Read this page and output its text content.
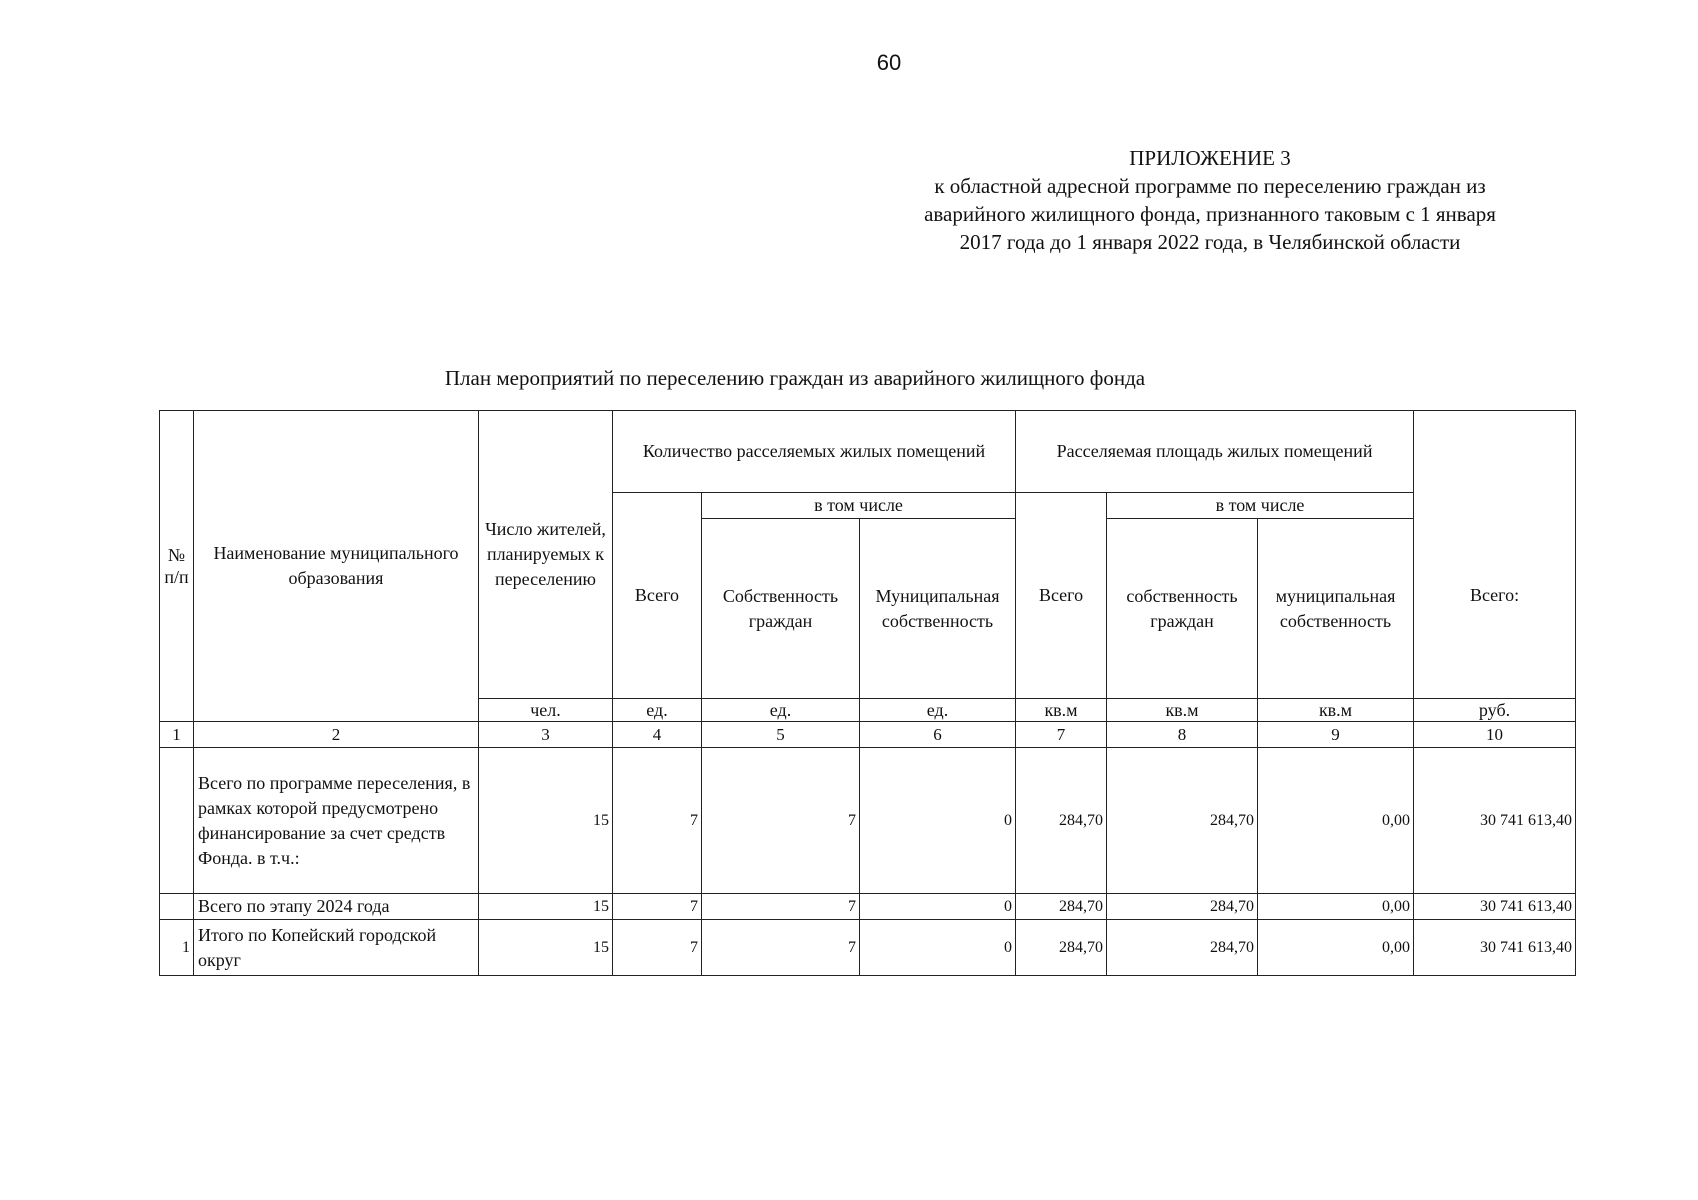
60
ПРИЛОЖЕНИЕ 3
к областной адресной программе по переселению граждан из
аварийного жилищного фонда, признанного таковым с 1 января
2017 года до 1 января 2022 года, в Челябинской области
План мероприятий по переселению граждан из аварийного жилищного фонда
№ п/п	Наименование муниципального образования	Число жителей, планируемых к переселению	Количество расселяемых жилых помещений			Расселяемая площадь жилых помещений			
			Всего	в том числе		Всего	в том числе		Всего:
				Собственность граждан	Муниципальная собственность		собственность граждан	муниципальная собственность	
		чел.	ед.	ед.	ед.	кв.м	кв.м	кв.м	руб.
1	2	3	4	5	6	7	8	9	10
	Всего по программе переселения, в рамках которой предусмотрено финансирование за счет средств Фонда. в т.ч.:	15	7	7	0	284,70	284,70	0,00	30 741 613,40
	Всего по этапу 2024 года	15	7	7	0	284,70	284,70	0,00	30 741 613,40
1	Итого по Копейский городской округ	15	7	7	0	284,70	284,70	0,00	30 741 613,40
